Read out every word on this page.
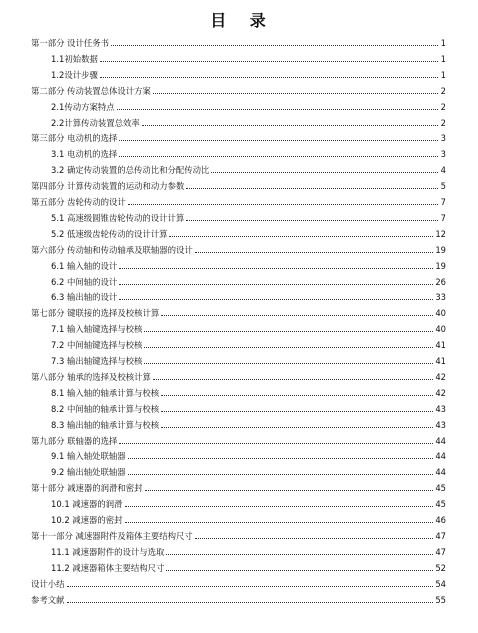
目 录
第一部分 设计任务书	1
1.1初始数据	1
1.2设计步骤	1
第二部分 传动装置总体设计方案	2
2.1传动方案特点	2
2.2计算传动装置总效率	2
第三部分 电动机的选择	3
3.1 电动机的选择	3
3.2 确定传动装置的总传动比和分配传动比	4
第四部分 计算传动装置的运动和动力参数	5
第五部分 齿轮传动的设计	7
5.1 高速级圆锥齿轮传动的设计计算	7
5.2 低速级齿轮传动的设计计算	12
第六部分 传动轴和传动轴承及联轴器的设计	19
6.1 输入轴的设计	19
6.2 中间轴的设计	26
6.3 输出轴的设计	33
第七部分 键联接的选择及校核计算	40
7.1 输入轴键选择与校核	40
7.2 中间轴键选择与校核	41
7.3 输出轴键选择与校核	41
第八部分 轴承的选择及校核计算	42
8.1 输入轴的轴承计算与校核	42
8.2 中间轴的轴承计算与校核	43
8.3 输出轴的轴承计算与校核	43
第九部分 联轴器的选择	44
9.1 输入轴处联轴器	44
9.2 输出轴处联轴器	44
第十部分 减速器的润滑和密封	45
10.1 减速器的润滑	45
10.2 减速器的密封	46
第十一部分 减速器附件及箱体主要结构尺寸	47
11.1 减速器附件的设计与选取	47
11.2 减速器箱体主要结构尺寸	52
设计小结	54
参考文献	55
